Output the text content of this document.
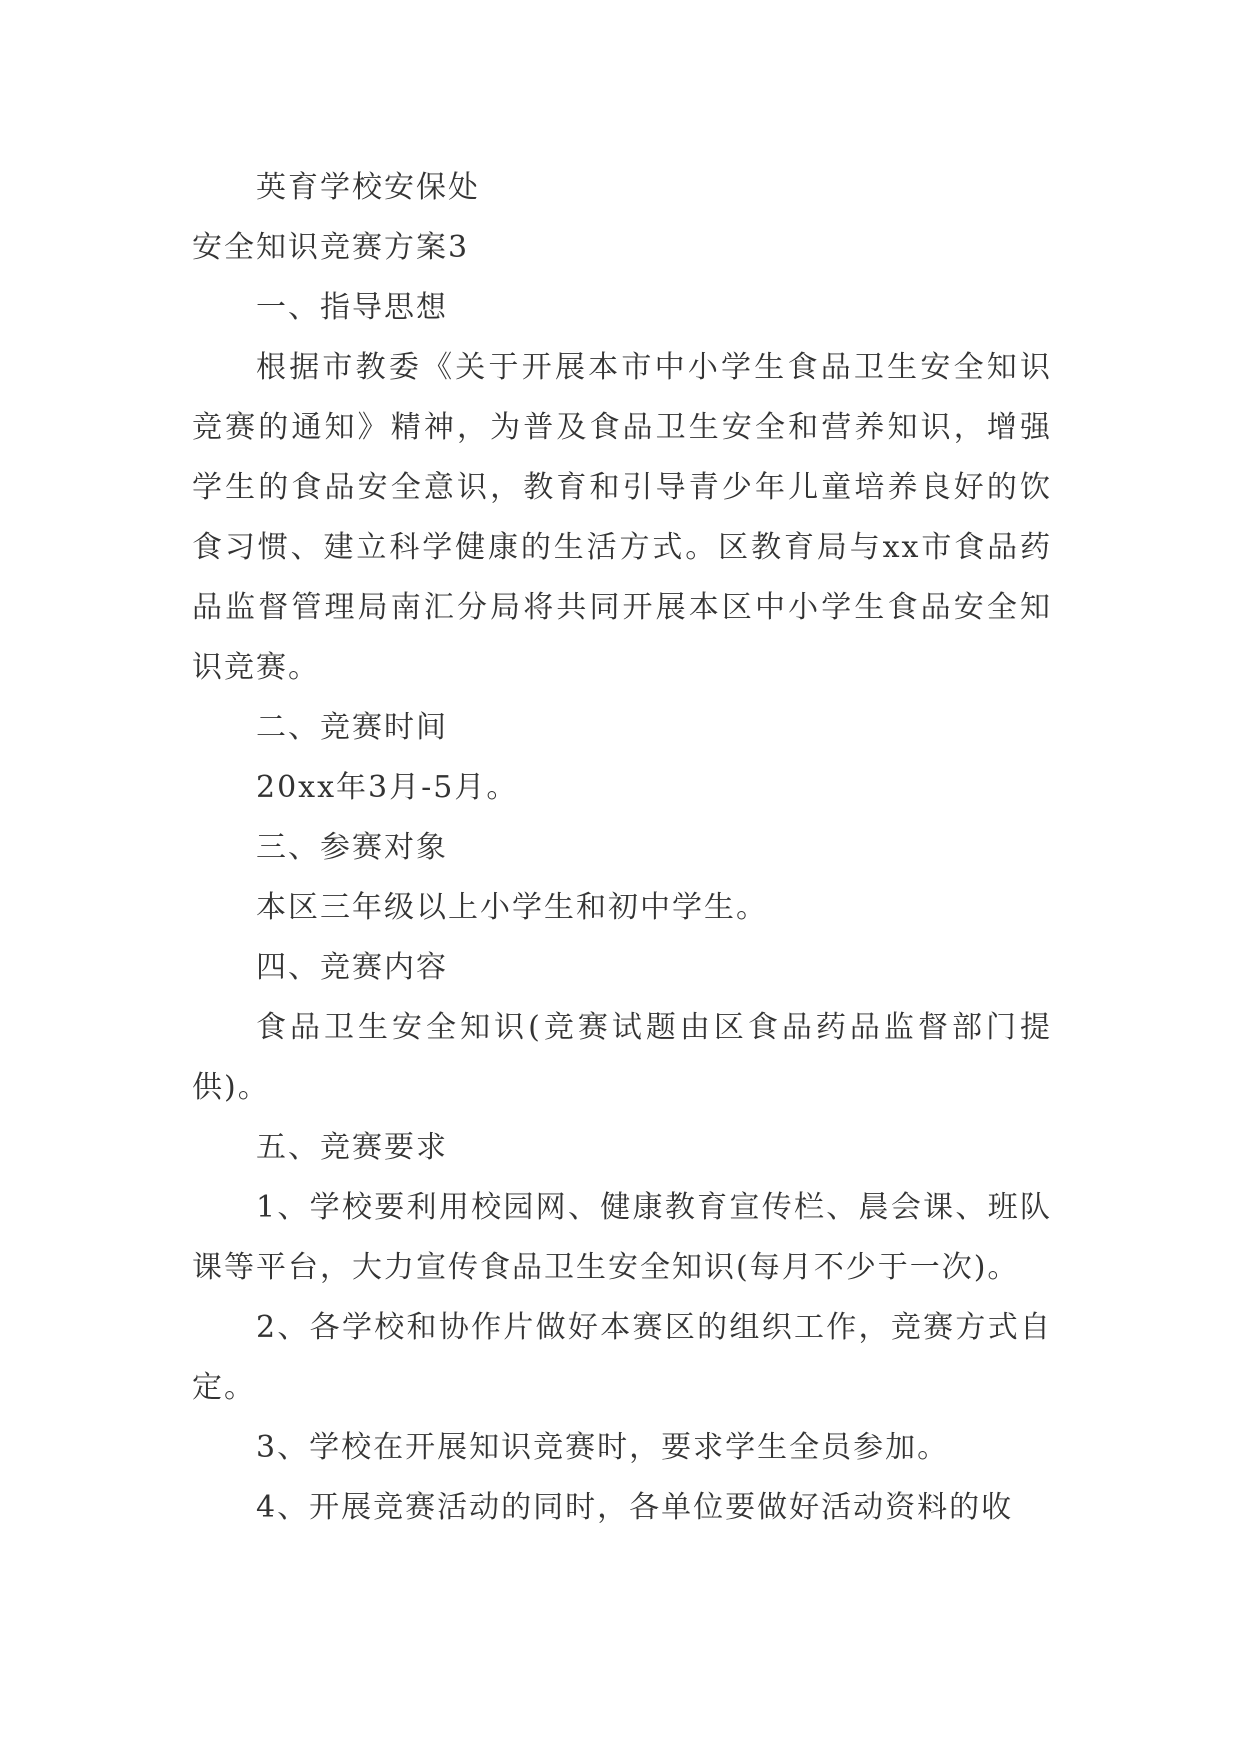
英育学校安保处

安全知识竞赛方案3

一、指导思想

根据市教委《关于开展本市中小学生食品卫生安全知识竞赛的通知》精神，为普及食品卫生安全和营养知识，增强学生的食品安全意识，教育和引导青少年儿童培养良好的饮食习惯、建立科学健康的生活方式。区教育局与xx市食品药品监督管理局南汇分局将共同开展本区中小学生食品安全知识竞赛。

二、竞赛时间

20xx年3月-5月。

三、参赛对象

本区三年级以上小学生和初中学生。

四、竞赛内容

食品卫生安全知识(竞赛试题由区食品药品监督部门提供)。

五、竞赛要求

1、学校要利用校园网、健康教育宣传栏、晨会课、班队课等平台，大力宣传食品卫生安全知识(每月不少于一次)。

2、各学校和协作片做好本赛区的组织工作，竞赛方式自定。

3、学校在开展知识竞赛时，要求学生全员参加。

4、开展竞赛活动的同时，各单位要做好活动资料的收
